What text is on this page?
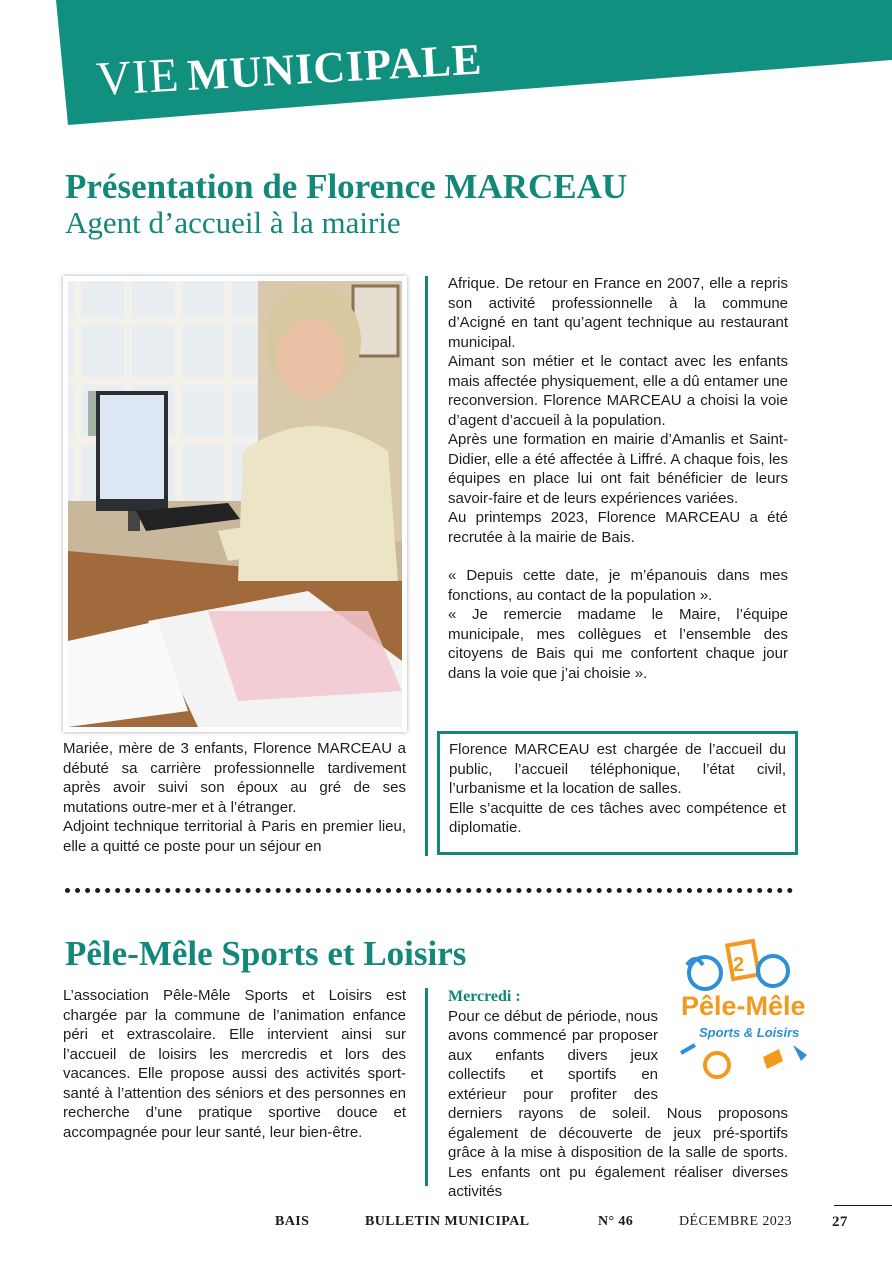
VIE MUNICIPALE
Présentation de Florence MARCEAU
Agent d’accueil à la mairie

Mariée, mère de 3 enfants, Florence MARCEAU a débuté sa carrière professionnelle tardivement après avoir suivi son époux au gré de ses mutations outre-mer et à l’étranger.

Adjoint technique territorial à Paris en premier lieu, elle a quitté ce poste pour un séjour en

Afrique. De retour en France en 2007, elle a repris son activité professionnelle à la commune d’Acigné en tant qu’agent technique au restaurant municipal.

Aimant son métier et le contact avec les enfants mais affectée physiquement, elle a dû entamer une reconversion. Florence MARCEAU a choisi la voie d’agent d’accueil à la population.

Après une formation en mairie d’Amanlis et Saint-Didier, elle a été affectée à Liffré. A chaque fois, les équipes en place lui ont fait bénéficier de leurs savoir-faire et de leurs expériences variées.

Au printemps 2023, Florence MARCEAU a été recrutée à la mairie de Bais.

« Depuis cette date, je m’épanouis dans mes fonctions, au contact de la population ».

« Je remercie madame le Maire, l’équipe municipale, mes collègues et l’ensemble des citoyens de Bais qui me confortent chaque jour dans la voie que j’ai choisie ».

Florence MARCEAU est chargée de l’accueil du public, l’accueil téléphonique, l’état civil, l’urbanisme et la location de salles.

Elle s’acquitte de ces tâches avec compétence et diplomatie.

Pêle-Mêle Sports et Loisirs

L’association Pêle-Mêle Sports et Loisirs est chargée par la commune de l’animation enfance péri et extrascolaire. Elle intervient ainsi sur l’accueil de loisirs les mercredis et lors des vacances. Elle propose aussi des activités sport-santé à l’attention des séniors et des personnes en recherche d’une pratique sportive douce et accompagnée pour leur santé, leur bien-être.

Mercredi :

Pour ce début de période, nous avons commencé par proposer aux enfants divers jeux collectifs et sportifs en extérieur pour profiter des derniers rayons de soleil. Nous proposons également de découverte de jeux pré-sportifs grâce à la mise à disposition de la salle de sports. Les enfants ont pu également réaliser diverses activités

2
Pêle-Mêle
Sports & Loisirs
BAIS	BULLETIN MUNICIPAL	N° 46	DÉCEMBRE 2023	27
